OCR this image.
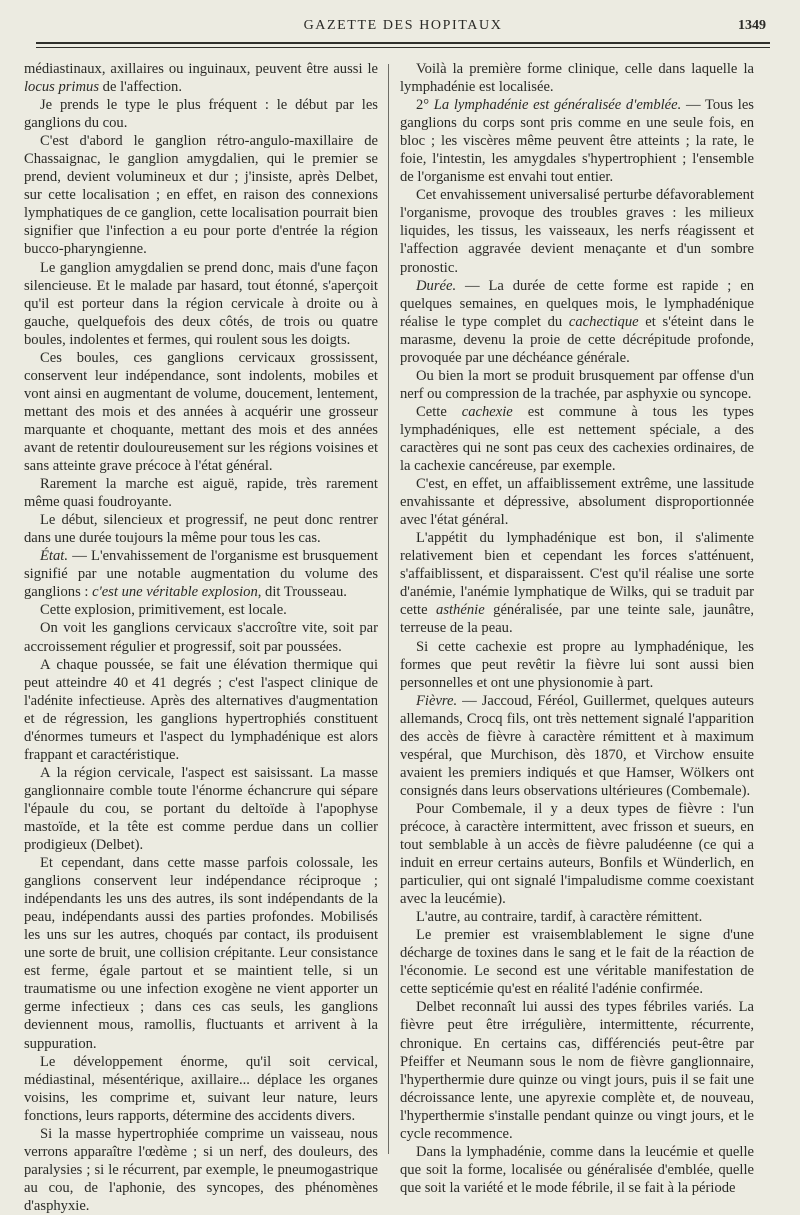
GAZETTE DES HOPITAUX	1349

médiastinaux, axillaires ou inguinaux, peuvent être aussi le locus primus de l'affection.

Je prends le type le plus fréquent : le début par les ganglions du cou.

C'est d'abord le ganglion rétro-angulo-maxillaire de Chassaignac, le ganglion amygdalien, qui le premier se prend, devient volumineux et dur ; j'insiste, après Delbet, sur cette localisation ; en effet, en raison des connexions lymphatiques de ce ganglion, cette localisation pourrait bien signifier que l'infection a eu pour porte d'entrée la région bucco-pharyngienne.

Le ganglion amygdalien se prend donc, mais d'une façon silencieuse. Et le malade par hasard, tout étonné, s'aperçoit qu'il est porteur dans la région cervicale à droite ou à gauche, quelquefois des deux côtés, de trois ou quatre boules, indolentes et fermes, qui roulent sous les doigts.

Ces boules, ces ganglions cervicaux grossissent, conservent leur indépendance, sont indolents, mobiles et vont ainsi en augmentant de volume, doucement, lentement, mettant des mois et des années à acquérir une grosseur marquante et choquante, mettant des mois et des années avant de retentir douloureusement sur les régions voisines et sans atteinte grave précoce à l'état général.

Rarement la marche est aiguë, rapide, très rarement même quasi foudroyante.

Le début, silencieux et progressif, ne peut donc rentrer dans une durée toujours la même pour tous les cas.

État. — L'envahissement de l'organisme est brusquement signifié par une notable augmentation du volume des ganglions : c'est une véritable explosion, dit Trousseau.

Cette explosion, primitivement, est locale.

On voit les ganglions cervicaux s'accroître vite, soit par accroissement régulier et progressif, soit par poussées.

A chaque poussée, se fait une élévation thermique qui peut atteindre 40 et 41 degrés ; c'est l'aspect clinique de l'adénite infectieuse. Après des alternatives d'augmentation et de régression, les ganglions hypertrophiés constituent d'énormes tumeurs et l'aspect du lymphadénique est alors frappant et caractéristique.

A la région cervicale, l'aspect est saisissant. La masse ganglionnaire comble toute l'énorme échancrure qui sépare l'épaule du cou, se portant du deltoïde à l'apophyse mastoïde, et la tête est comme perdue dans un collier prodigieux (Delbet).

Et cependant, dans cette masse parfois colossale, les ganglions conservent leur indépendance réciproque ; indépendants les uns des autres, ils sont indépendants de la peau, indépendants aussi des parties profondes. Mobilisés les uns sur les autres, choqués par contact, ils produisent une sorte de bruit, une collision crépitante. Leur consistance est ferme, égale partout et se maintient telle, si un traumatisme ou une infection exogène ne vient apporter un germe infectieux ; dans ces cas seuls, les ganglions deviennent mous, ramollis, fluctuants et arrivent à la suppuration.

Le développement énorme, qu'il soit cervical, médiastinal, mésentérique, axillaire... déplace les organes voisins, les comprime et, suivant leur nature, leurs fonctions, leurs rapports, détermine des accidents divers.

Si la masse hypertrophiée comprime un vaisseau, nous verrons apparaître l'œdème ; si un nerf, des douleurs, des paralysies ; si le récurrent, par exemple, le pneumogastrique au cou, de l'aphonie, des syncopes, des phénomènes d'asphyxie.

Voilà la première forme clinique, celle dans laquelle la lymphadénie est localisée.

2° La lymphadénie est généralisée d'emblée. — Tous les ganglions du corps sont pris comme en une seule fois, en bloc ; les viscères même peuvent être atteints ; la rate, le foie, l'intestin, les amygdales s'hypertrophient ; l'ensemble de l'organisme est envahi tout entier.

Cet envahissement universalisé perturbe défavorablement l'organisme, provoque des troubles graves : les milieux liquides, les tissus, les vaisseaux, les nerfs réagissent et l'affection aggravée devient menaçante et d'un sombre pronostic.

Durée. — La durée de cette forme est rapide ; en quelques semaines, en quelques mois, le lymphadénique réalise le type complet du cachectique et s'éteint dans le marasme, devenu la proie de cette décrépitude profonde, provoquée par une déchéance générale.

Ou bien la mort se produit brusquement par offense d'un nerf ou compression de la trachée, par asphyxie ou syncope.

Cette cachexie est commune à tous les types lymphadéniques, elle est nettement spéciale, a des caractères qui ne sont pas ceux des cachexies ordinaires, de la cachexie cancéreuse, par exemple.

C'est, en effet, un affaiblissement extrême, une lassitude envahissante et dépressive, absolument disproportionnée avec l'état général.

L'appétit du lymphadénique est bon, il s'alimente relativement bien et cependant les forces s'atténuent, s'affaiblissent, et disparaissent. C'est qu'il réalise une sorte d'anémie, l'anémie lymphatique de Wilks, qui se traduit par cette asthénie généralisée, par une teinte sale, jaunâtre, terreuse de la peau.

Si cette cachexie est propre au lymphadénique, les formes que peut revêtir la fièvre lui sont aussi bien personnelles et ont une physionomie à part.

Fièvre. — Jaccoud, Féréol, Guillermet, quelques auteurs allemands, Crocq fils, ont très nettement signalé l'apparition des accès de fièvre à caractère rémittent et à maximum vespéral, que Murchison, dès 1870, et Virchow ensuite avaient les premiers indiqués et que Hamser, Wölkers ont consignés dans leurs observations ultérieures (Combemale).

Pour Combemale, il y a deux types de fièvre : l'un précoce, à caractère intermittent, avec frisson et sueurs, en tout semblable à un accès de fièvre paludéenne (ce qui a induit en erreur certains auteurs, Bonfils et Wünderlich, en particulier, qui ont signalé l'impaludisme comme coexistant avec la leucémie).

L'autre, au contraire, tardif, à caractère rémittent.

Le premier est vraisemblablement le signe d'une décharge de toxines dans le sang et le fait de la réaction de l'économie. Le second est une véritable manifestation de cette septicémie qu'est en réalité l'adénie confirmée.

Delbet reconnaît lui aussi des types fébriles variés. La fièvre peut être irrégulière, intermittente, récurrente, chronique. En certains cas, différenciés peut-être par Pfeiffer et Neumann sous le nom de fièvre ganglionnaire, l'hyperthermie dure quinze ou vingt jours, puis il se fait une décroissance lente, une apyrexie complète et, de nouveau, l'hyperthermie s'installe pendant quinze ou vingt jours, et le cycle recommence.

Dans la lymphadénie, comme dans la leucémie et quelle que soit la forme, localisée ou généralisée d'emblée, quelle que soit la variété et le mode fébrile, il se fait à la période
